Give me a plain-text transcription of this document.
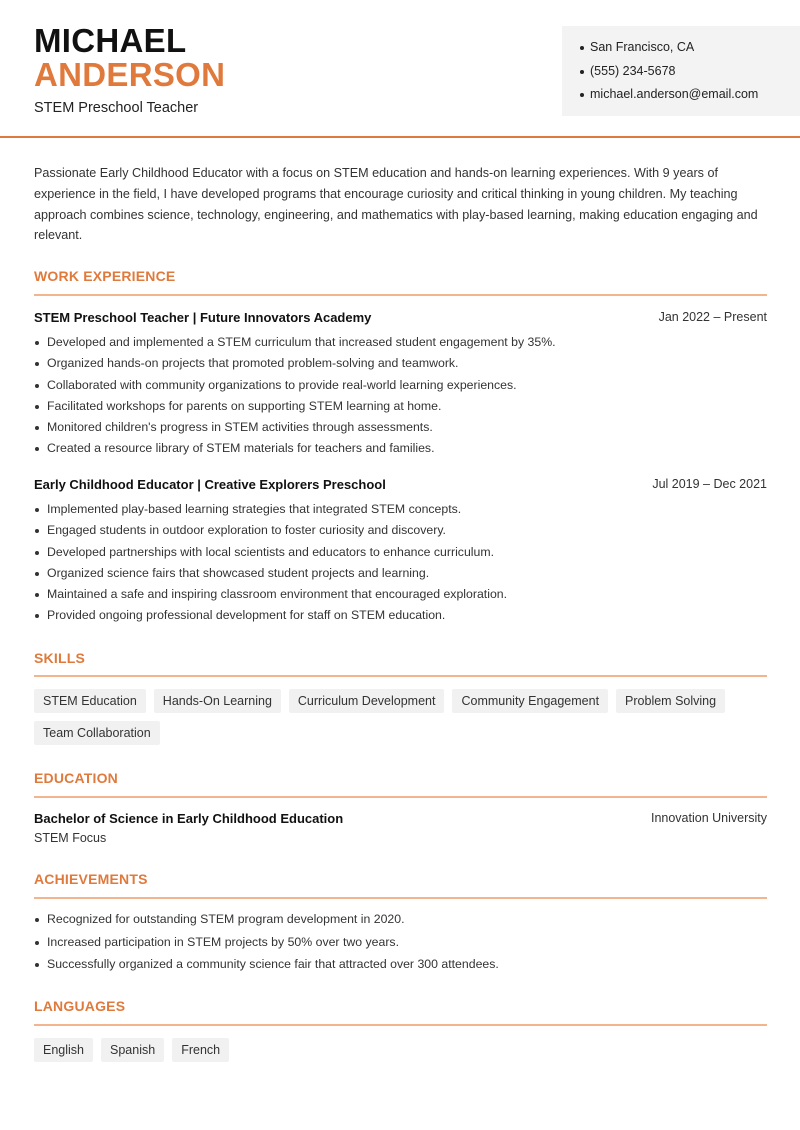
MICHAEL
ANDERSON
STEM Preschool Teacher
San Francisco, CA
(555) 234-5678
michael.anderson@email.com

Passionate Early Childhood Educator with a focus on STEM education and hands-on learning experiences. With 9 years of experience in the field, I have developed programs that encourage curiosity and critical thinking in young children. My teaching approach combines science, technology, engineering, and mathematics with play-based learning, making education engaging and relevant.

WORK EXPERIENCE
STEM Preschool Teacher | Future Innovators Academy	Jan 2022 – Present
Developed and implemented a STEM curriculum that increased student engagement by 35%.
Organized hands-on projects that promoted problem-solving and teamwork.
Collaborated with community organizations to provide real-world learning experiences.
Facilitated workshops for parents on supporting STEM learning at home.
Monitored children's progress in STEM activities through assessments.
Created a resource library of STEM materials for teachers and families.
Early Childhood Educator | Creative Explorers Preschool	Jul 2019 – Dec 2021
Implemented play-based learning strategies that integrated STEM concepts.
Engaged students in outdoor exploration to foster curiosity and discovery.
Developed partnerships with local scientists and educators to enhance curriculum.
Organized science fairs that showcased student projects and learning.
Maintained a safe and inspiring classroom environment that encouraged exploration.
Provided ongoing professional development for staff on STEM education.
SKILLS
STEM Education	Hands-On Learning	Curriculum Development	Community Engagement	Problem Solving
Team Collaboration
EDUCATION
Bachelor of Science in Early Childhood Education	Innovation University
STEM Focus
ACHIEVEMENTS
Recognized for outstanding STEM program development in 2020.
Increased participation in STEM projects by 50% over two years.
Successfully organized a community science fair that attracted over 300 attendees.
LANGUAGES
English	Spanish	French
